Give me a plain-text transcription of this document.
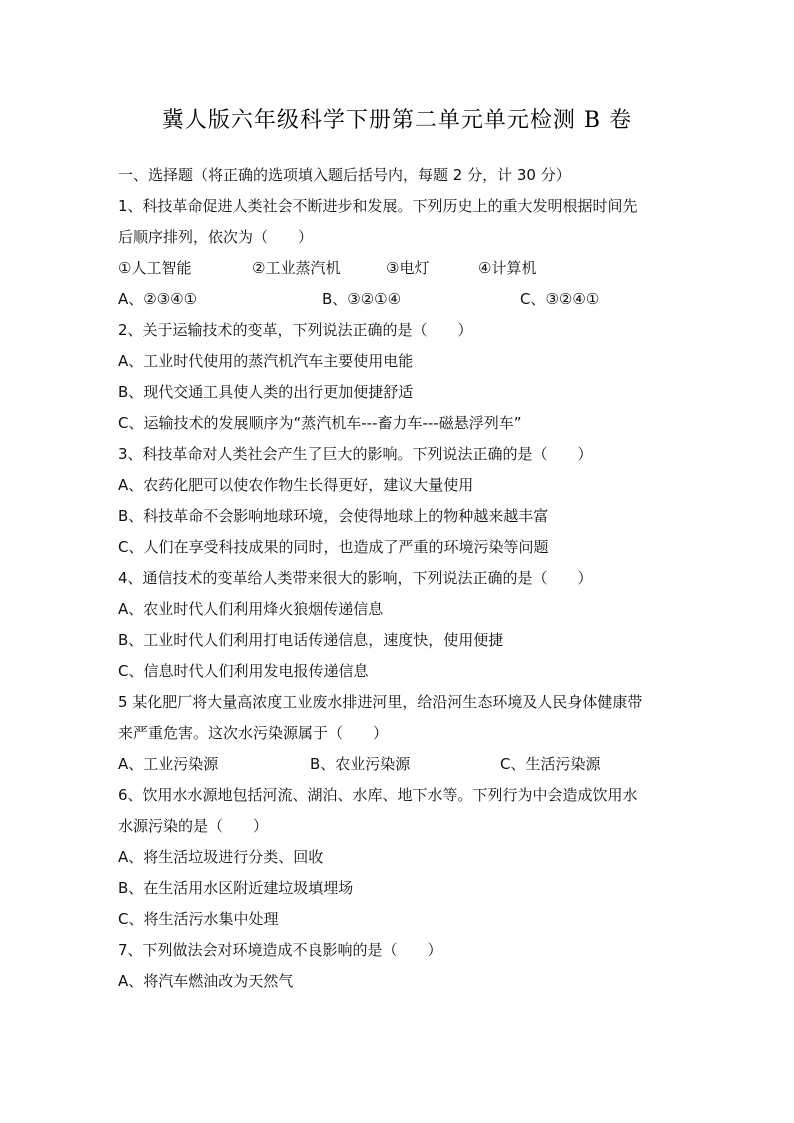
冀人版六年级科学下册第二单元单元检测 B 卷
一、选择题（将正确的选项填入题后括号内，每题 2 分，计 30 分）
1、科技革命促进人类社会不断进步和发展。下列历史上的重大发明根据时间先
后顺序排列，依次为（　　）
①人工智能	②工业蒸汽机	③电灯	④计算机
A、②③④①	B、③②①④	C、③②④①
2、关于运输技术的变革，下列说法正确的是（　　）
A、工业时代使用的蒸汽机汽车主要使用电能
B、现代交通工具使人类的出行更加便捷舒适
C、运输技术的发展顺序为“蒸汽机车---畜力车---磁悬浮列车”
3、科技革命对人类社会产生了巨大的影响。下列说法正确的是（　　）
A、农药化肥可以使农作物生长得更好，建议大量使用
B、科技革命不会影响地球环境，会使得地球上的物种越来越丰富
C、人们在享受科技成果的同时，也造成了严重的环境污染等问题
4、通信技术的变革给人类带来很大的影响，下列说法正确的是（　　）
A、农业时代人们利用烽火狼烟传递信息
B、工业时代人们利用打电话传递信息，速度快，使用便捷
C、信息时代人们利用发电报传递信息
5 某化肥厂将大量高浓度工业废水排进河里，给沿河生态环境及人民身体健康带
来严重危害。这次水污染源属于（　　）
A、工业污染源	B、农业污染源	C、生活污染源
6、饮用水水源地包括河流、湖泊、水库、地下水等。下列行为中会造成饮用水
水源污染的是（　　）
A、将生活垃圾进行分类、回收
B、在生活用水区附近建垃圾填埋场
C、将生活污水集中处理
7、下列做法会对环境造成不良影响的是（　　）
A、将汽车燃油改为天然气
